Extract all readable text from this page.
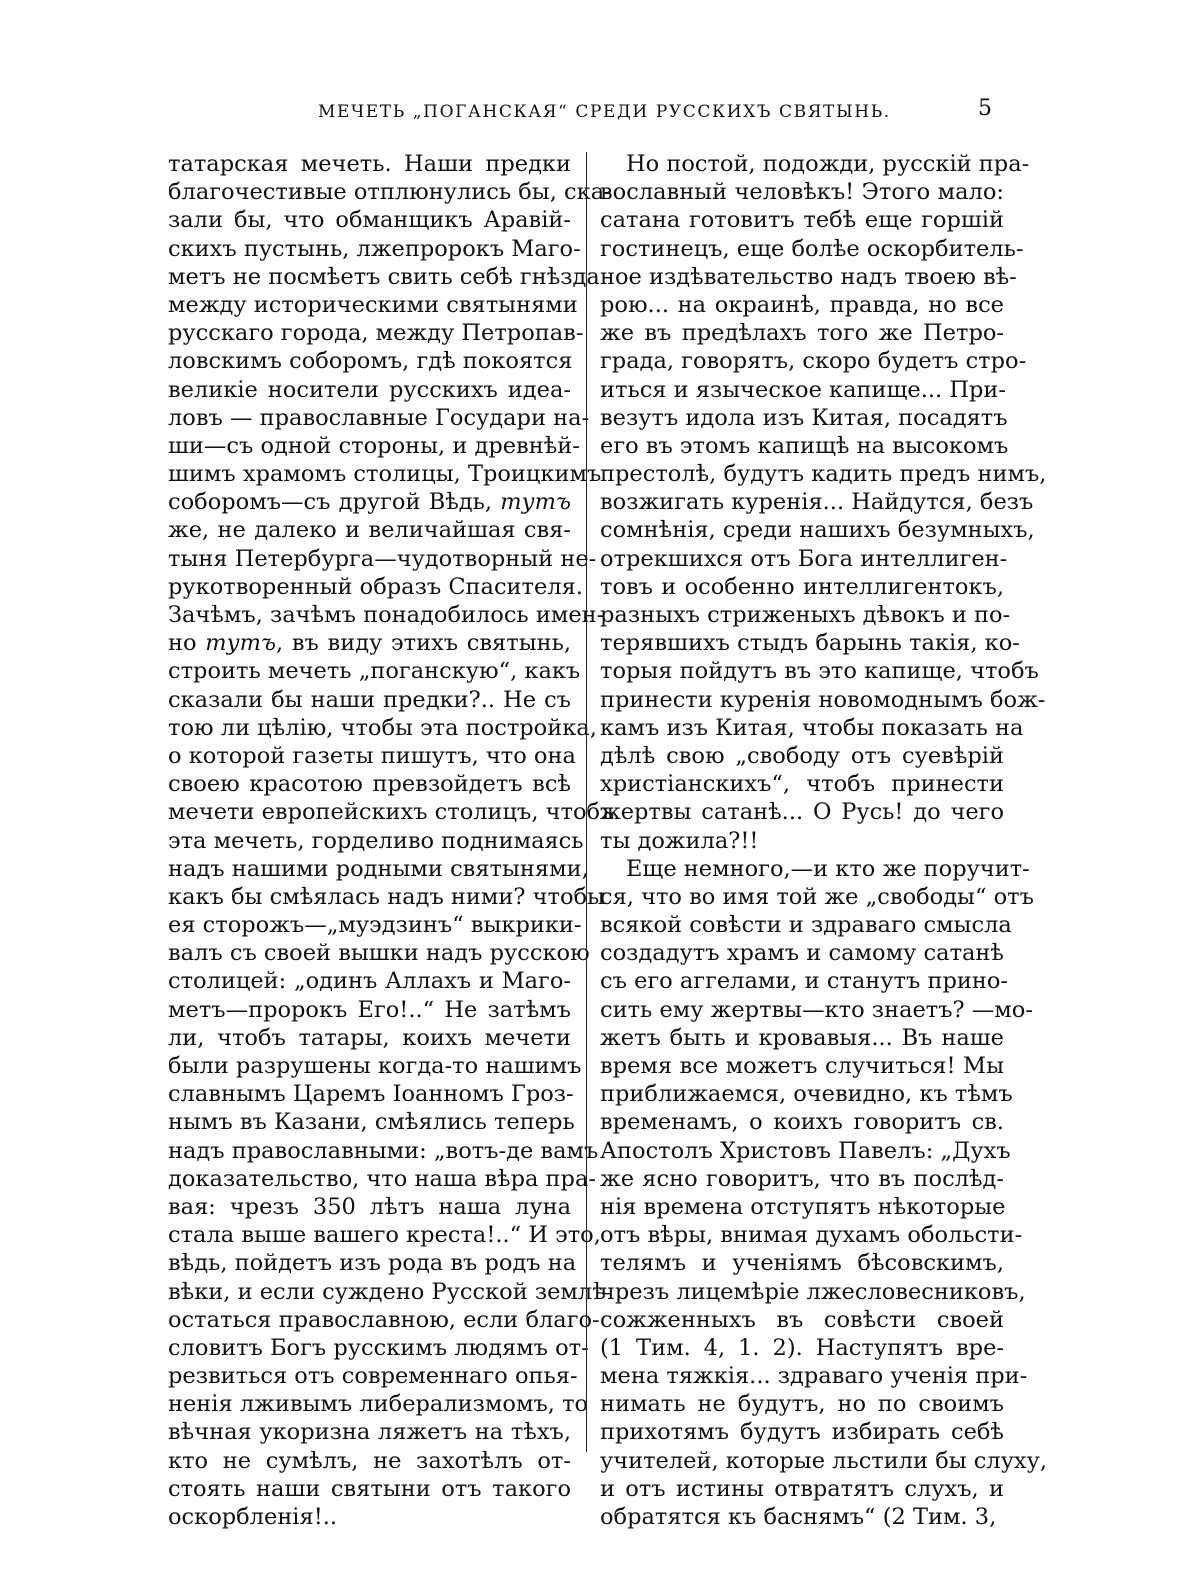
МЕЧЕТЬ „ПОГАНСКАЯ“ СРЕДИ РУССКИХЪ СВЯТЫНЬ.	5
татарская мечеть. Наши предки
благочестивые отплюнулись бы, ска-
зали бы, что обманщикъ Аравій-
скихъ пустынь, лжепророкъ Маго-
метъ не посмѣетъ свить себѣ гнѣзда
между историческими святынями
русскаго города, между Петропав-
ловскимъ соборомъ, гдѣ покоятся
великіе носители русскихъ идеа-
ловъ — православные Государи на-
ши—съ одной стороны, и древнѣй-
шимъ храмомъ столицы, Троицкимъ
соборомъ—съ другой Вѣдь, тутъ
же, не далеко и величайшая свя-
тыня Петербурга—чудотворный не-
рукотворенный образъ Спасителя.
Зачѣмъ, зачѣмъ понадобилось имен-
но тутъ, въ виду этихъ святынь,
строить мечеть „поганскую“, какъ
сказали бы наши предки?.. Не съ
тою ли цѣлію, чтобы эта постройка,
о которой газеты пишутъ, что она
своею красотою превзойдетъ всѣ
мечети европейскихъ столицъ, чтобъ
эта мечеть, горделиво поднимаясь
надъ нашими родными святынями,
какъ бы смѣялась надъ ними? чтобы
ея сторожъ—„муэдзинъ“ выкрики-
валъ съ своей вышки надъ русскою
столицей: „одинъ Аллахъ и Маго-
метъ—пророкъ Его!..“ Не затѣмъ
ли, чтобъ татары, коихъ мечети
были разрушены когда-то нашимъ
славнымъ Царемъ Іоанномъ Гроз-
нымъ въ Казани, смѣялись теперь
надъ православными: „вотъ-де вамъ
доказательство, что наша вѣра пра-
вая: чрезъ 350 лѣтъ наша луна
стала выше вашего креста!..“ И это,
вѣдь, пойдетъ изъ рода въ родъ на
вѣки, и если суждено Русской землѣ
остаться православною, если благо-
словитъ Богъ русскимъ людямъ от-
резвиться отъ современнаго опья-
ненія лживымъ либерализмомъ, то
вѣчная укоризна ляжетъ на тѣхъ,
кто не сумѣлъ, не захотѣлъ от-
стоять наши святыни отъ такого
оскорбленія!..
Но постой, подожди, русскій пра-
вославный человѣкъ! Этого мало:
сатана готовитъ тебѣ еще горшій
гостинецъ, еще болѣе оскорбитель-
ное издѣвательство надъ твоею вѣ-
рою... на окраинѣ, правда, но все
же въ предѣлахъ того же Петро-
града, говорятъ, скоро будетъ стро-
иться и языческое капище... При-
везутъ идола изъ Китая, посадятъ
его въ этомъ капищѣ на высокомъ
престолѣ, будутъ кадить предъ нимъ,
возжигать куренія... Найдутся, безъ
сомнѣнія, среди нашихъ безумныхъ,
отрекшихся отъ Бога интеллиген-
товъ и особенно интеллигентокъ,
разныхъ стриженыхъ дѣвокъ и по-
терявшихъ стыдъ барынь такія, ко-
торыя пойдутъ въ это капище, чтобъ
принести куренія новомоднымъ бож-
камъ изъ Китая, чтобы показать на
дѣлѣ свою „свободу отъ суевѣрій
христіанскихъ“, чтобъ принести
жертвы сатанѣ... О Русь! до чего
ты дожила?!!
Еще немного,—и кто же поручит-
ся, что во имя той же „свободы“ отъ
всякой совѣсти и здраваго смысла
создадутъ храмъ и самому сатанѣ
съ его аггелами, и станутъ прино-
сить ему жертвы—кто знаетъ? —мо-
жетъ быть и кровавыя... Въ наше
время все можетъ случиться! Мы
приближаемся, очевидно, къ тѣмъ
временамъ, о коихъ говоритъ св.
Апостолъ Христовъ Павелъ: „Духъ
же ясно говоритъ, что въ послѣд-
нія времена отступятъ нѣкоторые
отъ вѣры, внимая духамъ обольсти-
телямъ и ученіямъ бѣсовскимъ,
чрезъ лицемѣріе лжесловесниковъ,
сожженныхъ въ совѣсти своей
(1 Тим. 4, 1. 2). Наступятъ вре-
мена тяжкія... здраваго ученія при-
нимать не будутъ, но по своимъ
прихотямъ будутъ избирать себѣ
учителей, которые льстили бы слуху,
и отъ истины отвратятъ слухъ, и
обратятся къ баснямъ“ (2 Тим. 3,
